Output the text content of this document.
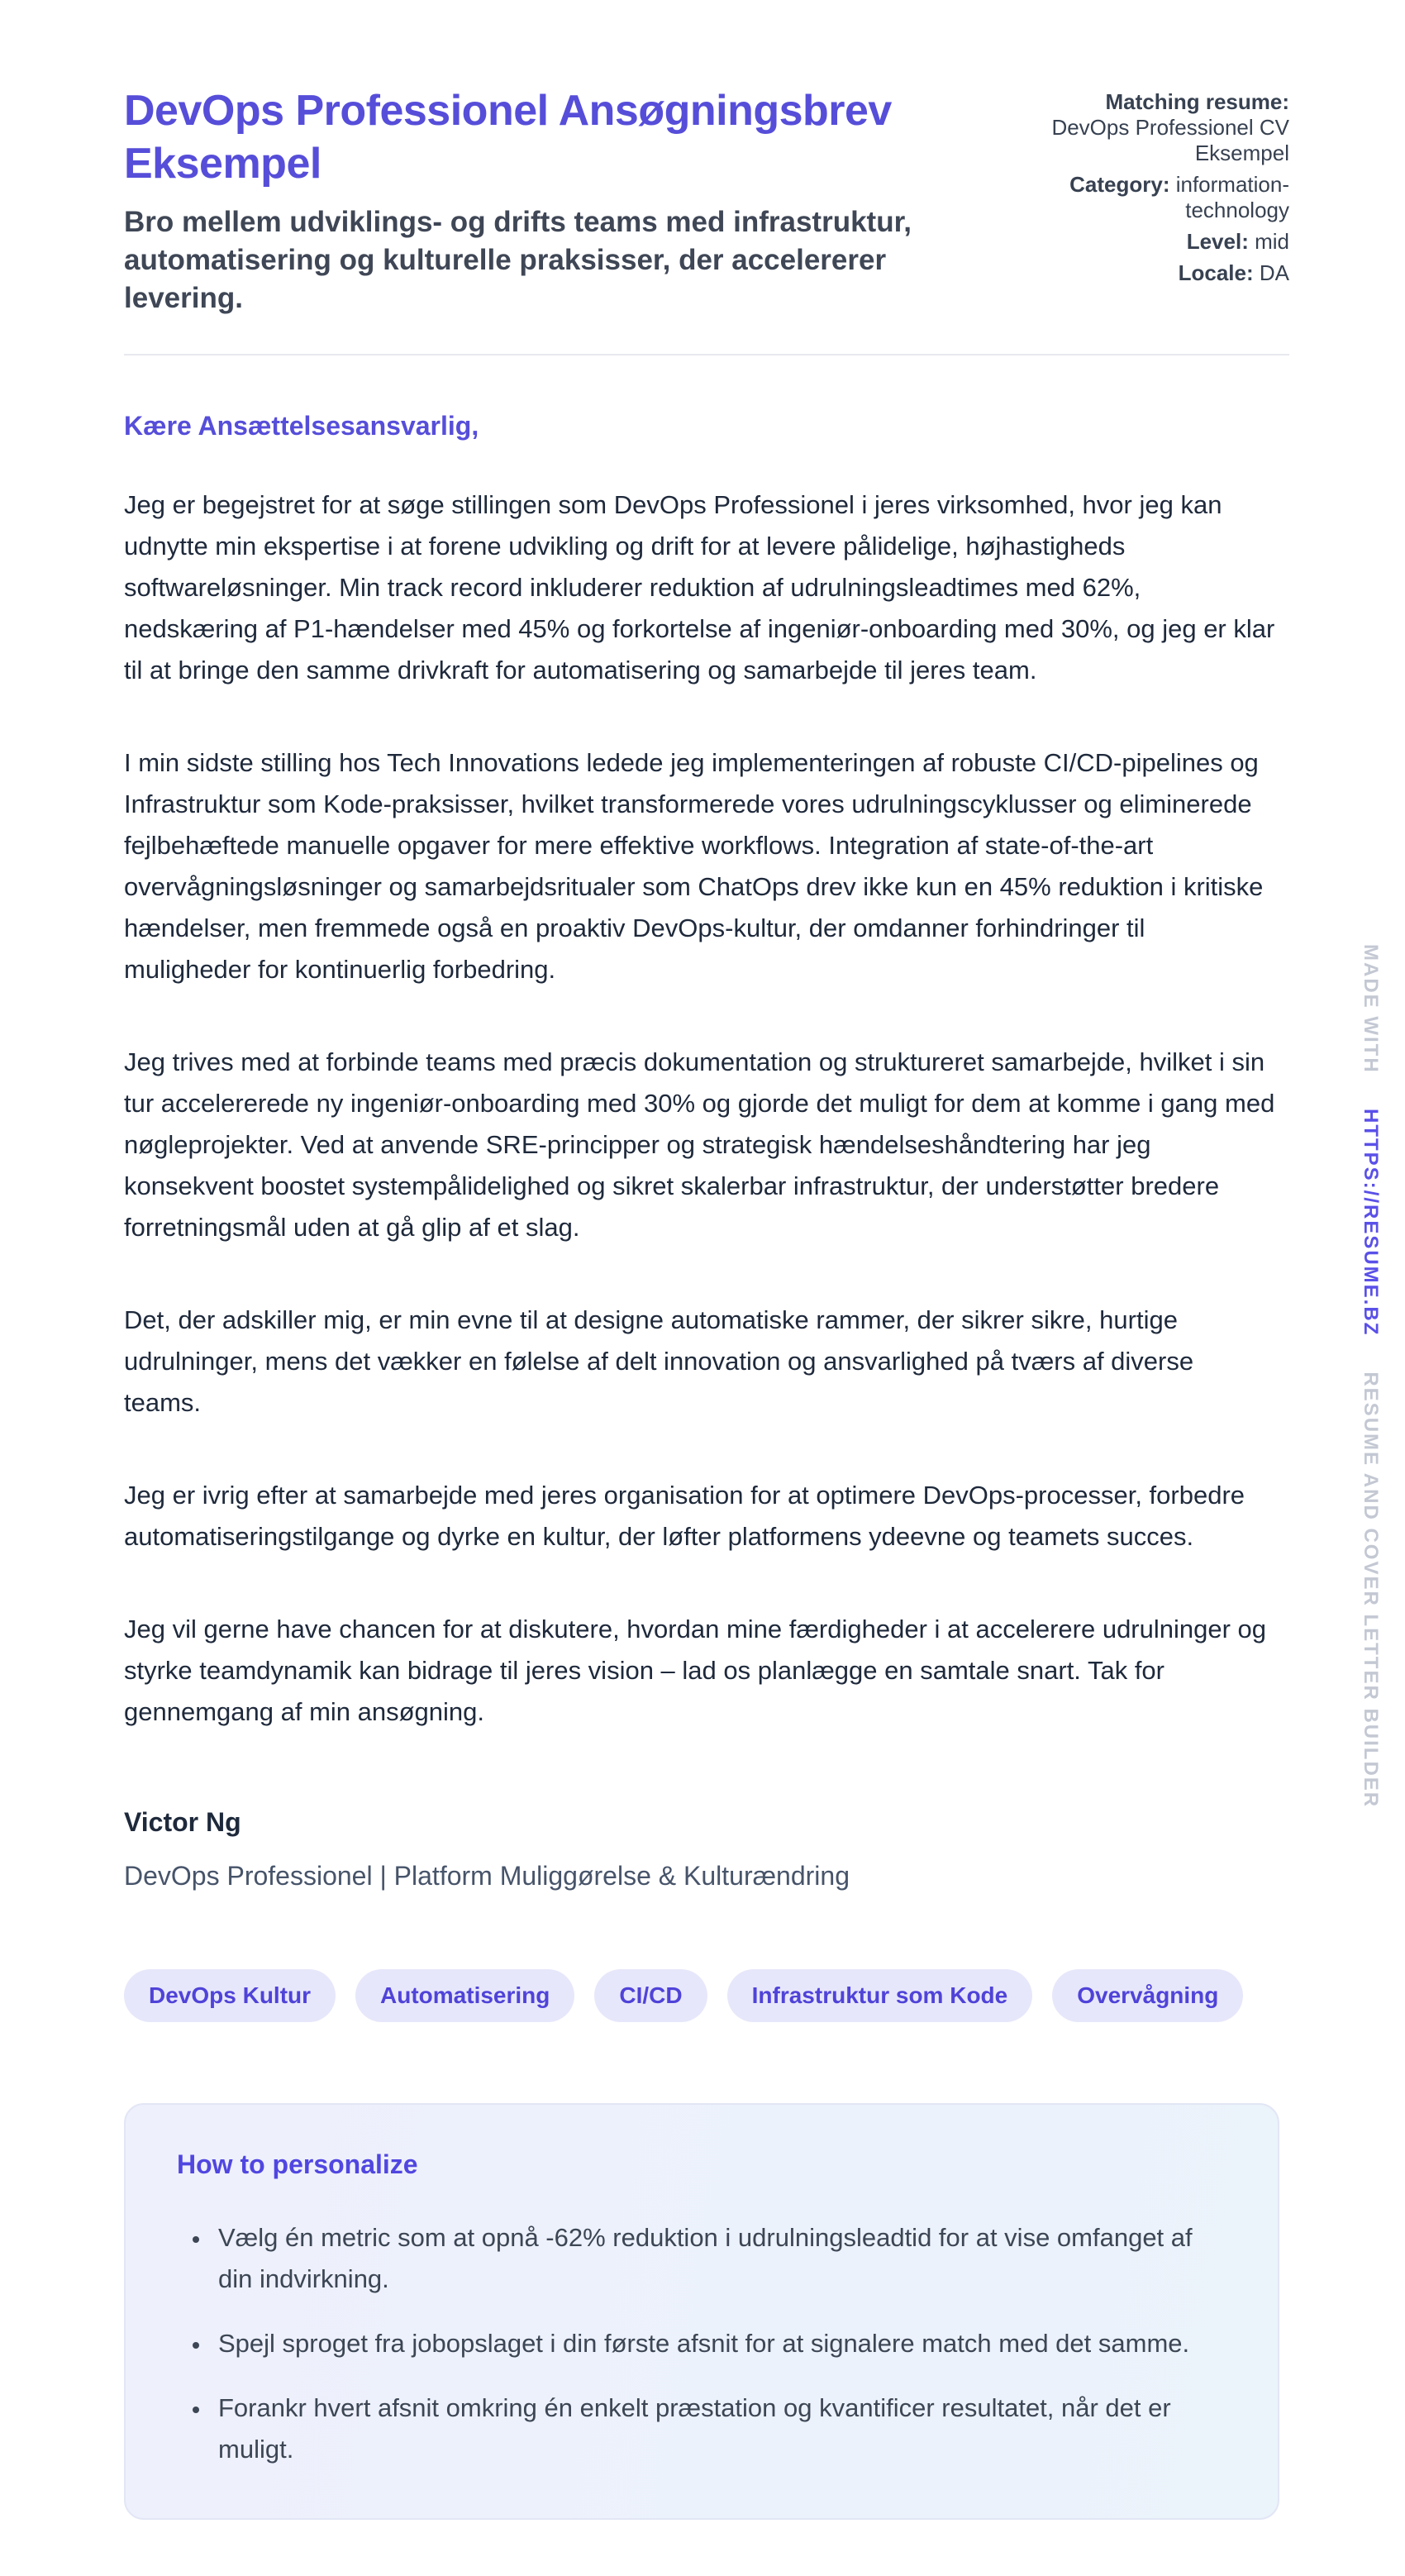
DevOps Professionel Ansøgningsbrev Eksempel

Bro mellem udviklings- og drifts teams med infrastruktur, automatisering og kulturelle praksisser, der accelererer levering.

Matching resume: DevOps Professionel CV Eksempel
Category: information-technology
Level: mid
Locale: DA

Kære Ansættelsesansvarlig,

Jeg er begejstret for at søge stillingen som DevOps Professionel i jeres virksomhed, hvor jeg kan udnytte min ekspertise i at forene udvikling og drift for at levere pålidelige, højhastigheds softwareløsninger. Min track record inkluderer reduktion af udrulningsleadtimes med 62%, nedskæring af P1-hændelser med 45% og forkortelse af ingeniør-onboarding med 30%, og jeg er klar til at bringe den samme drivkraft for automatisering og samarbejde til jeres team.

I min sidste stilling hos Tech Innovations ledede jeg implementeringen af robuste CI/CD-pipelines og Infrastruktur som Kode-praksisser, hvilket transformerede vores udrulningscyklusser og eliminerede fejlbehæftede manuelle opgaver for mere effektive workflows. Integration af state-of-the-art overvågningsløsninger og samarbejdsritualer som ChatOps drev ikke kun en 45% reduktion i kritiske hændelser, men fremmede også en proaktiv DevOps-kultur, der omdanner forhindringer til muligheder for kontinuerlig forbedring.

Jeg trives med at forbinde teams med præcis dokumentation og struktureret samarbejde, hvilket i sin tur accelererede ny ingeniør-onboarding med 30% og gjorde det muligt for dem at komme i gang med nøgleprojekter. Ved at anvende SRE-principper og strategisk hændelseshåndtering har jeg konsekvent boostet systempålidelighed og sikret skalerbar infrastruktur, der understøtter bredere forretningsmål uden at gå glip af et slag.

Det, der adskiller mig, er min evne til at designe automatiske rammer, der sikrer sikre, hurtige udrulninger, mens det vækker en følelse af delt innovation og ansvarlighed på tværs af diverse teams.

Jeg er ivrig efter at samarbejde med jeres organisation for at optimere DevOps-processer, forbedre automatiseringstilgange og dyrke en kultur, der løfter platformens ydeevne og teamets succes.

Jeg vil gerne have chancen for at diskutere, hvordan mine færdigheder i at accelerere udrulninger og styrke teamdynamik kan bidrage til jeres vision – lad os planlægge en samtale snart. Tak for gennemgang af min ansøgning.

Victor Ng

DevOps Professionel | Platform Muliggørelse & Kulturændring

DevOps Kultur	Automatisering	CI/CD	Infrastruktur som Kode	Overvågning
How to personalize
• Vælg én metric som at opnå -62% reduktion i udrulningsleadtid for at vise omfanget af din indvirkning.
• Spejl sproget fra jobopslaget i din første afsnit for at signalere match med det samme.
• Forankr hvert afsnit omkring én enkelt præstation og kvantificer resultatet, når det er muligt.
MADE WITH HTTPS://RESUME.BZ RESUME AND COVER LETTER BUILDER
